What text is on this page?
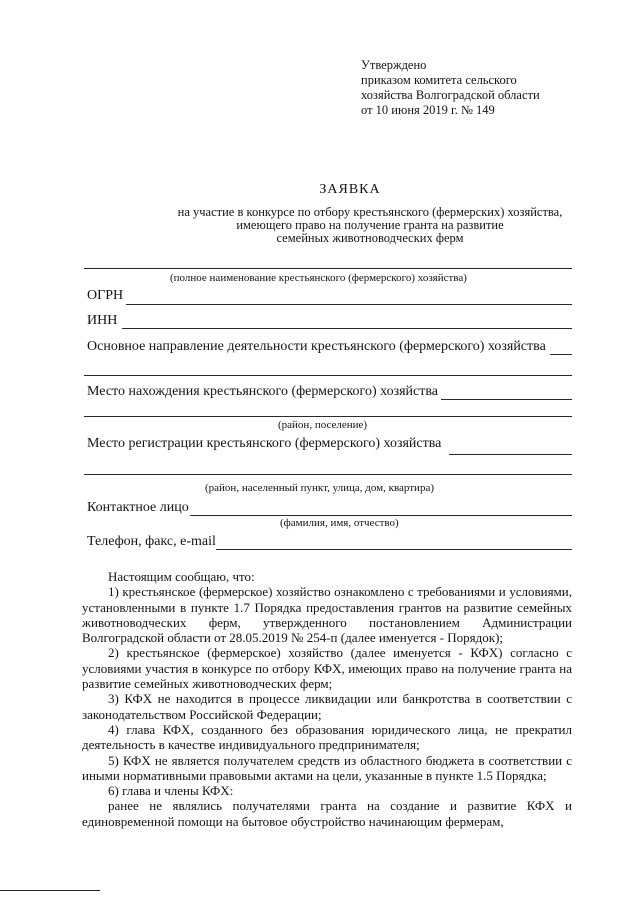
Утверждено
приказом комитета сельского
хозяйства Волгоградской области
от 10 июня 2019 г. № 149
ЗАЯВКА
на участие в конкурсе по отбору крестьянского (фермерских) хозяйства,
имеющего право на получение гранта на развитие
семейных животноводческих ферм
(полное наименование крестьянского (фермерского) хозяйства)
ОГРН
ИНН
Основное направление деятельности крестьянского (фермерского) хозяйства
Место нахождения крестьянского (фермерского) хозяйства
(район, поселение)
Место регистрации крестьянского (фермерского) хозяйства
(район, населенный пункт, улица, дом, квартира)
Контактное лицо
(фамилия, имя, отчество)
Телефон, факс, e-mail

Настоящим сообщаю, что:

1) крестьянское (фермерское) хозяйство ознакомлено с требованиями и условиями, установленными в пункте 1.7 Порядка предоставления грантов на развитие семейных животноводческих ферм, утвержденного постановлением Администрации Волгоградской области от 28.05.2019 № 254-п (далее именуется - Порядок);

2) крестьянское (фермерское) хозяйство (далее именуется - КФХ) согласно с условиями участия в конкурсе по отбору КФХ, имеющих право на получение гранта на развитие семейных животноводческих ферм;

3) КФХ не находится в процессе ликвидации или банкротства в соответствии с законодательством Российской Федерации;

4) глава КФХ, созданного без образования юридического лица, не прекратил деятельность в качестве индивидуального предпринимателя;

5) КФХ не является получателем средств из областного бюджета в соответствии с иными нормативными правовыми актами на цели, указанные в пункте 1.5 Порядка;

6) глава и члены КФХ:

ранее не являлись получателями гранта на создание и развитие КФХ и единовременной помощи на бытовое обустройство начинающим фермерам,
